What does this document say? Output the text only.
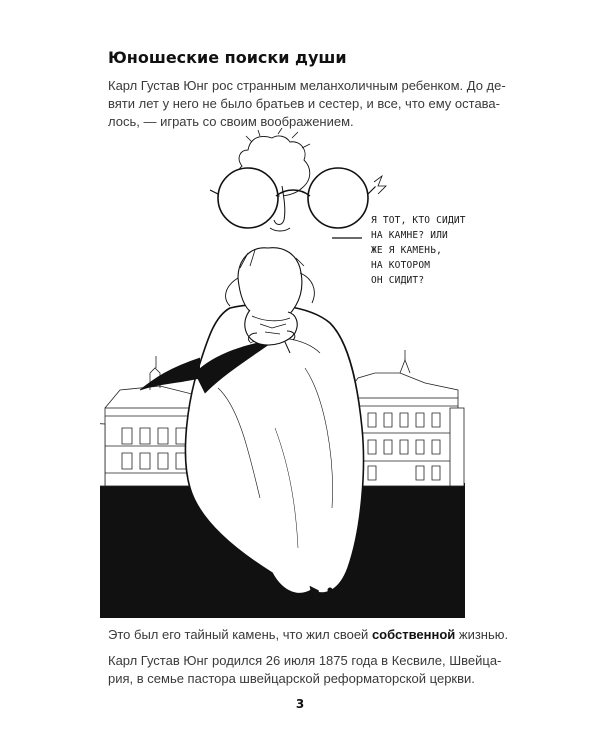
Юношеские поиски души

Карл Густав Юнг рос странным меланхоличным ребенком. До де-
вяти лет у него не было братьев и сестер, и все, что ему остава-
лось, — играть со своим воображением.

Я ТОТ, КТО СИДИТ
НА КАМНЕ? ИЛИ
ЖЕ Я КАМЕНЬ,
НА КОТОРОМ
ОН СИДИТ?

Это был его тайный камень, что жил своей собственной жизнью.

Карл Густав Юнг родился 26 июля 1875 года в Кесвиле, Швейца-
рия, в семье пастора швейцарской реформаторской церкви.

3
